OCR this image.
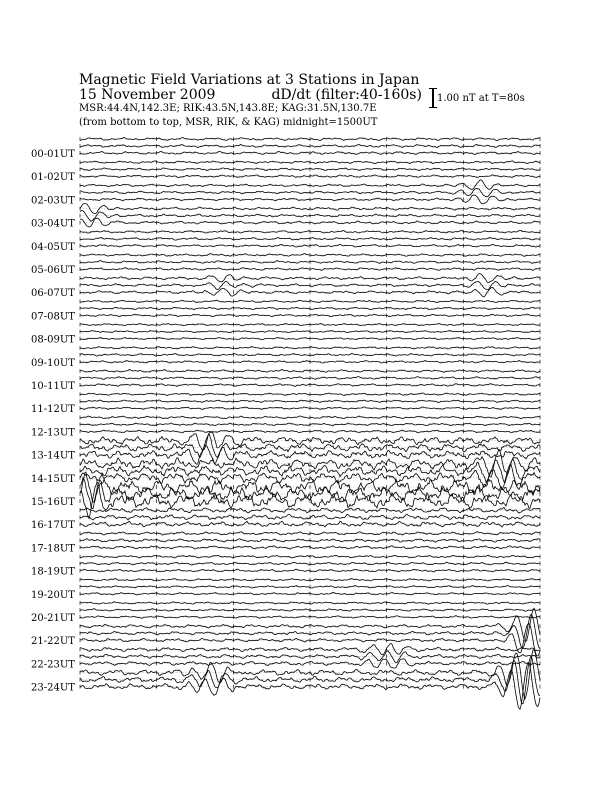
Magnetic Field Variations at 3 Stations in Japan
15 November 2009	dD/dt (filter:40-160s)
MSR:44.4N,142.3E; RIK:43.5N,143.8E; KAG:31.5N,130.7E
(from bottom to top, MSR, RIK, & KAG) midnight=1500UT
1.00 nT at T=80s
00-01UT
01-02UT
02-03UT
03-04UT
04-05UT
05-06UT
06-07UT
07-08UT
08-09UT
09-10UT
10-11UT
11-12UT
12-13UT
13-14UT
14-15UT
15-16UT
16-17UT
17-18UT
18-19UT
19-20UT
20-21UT
21-22UT
22-23UT
23-24UT
